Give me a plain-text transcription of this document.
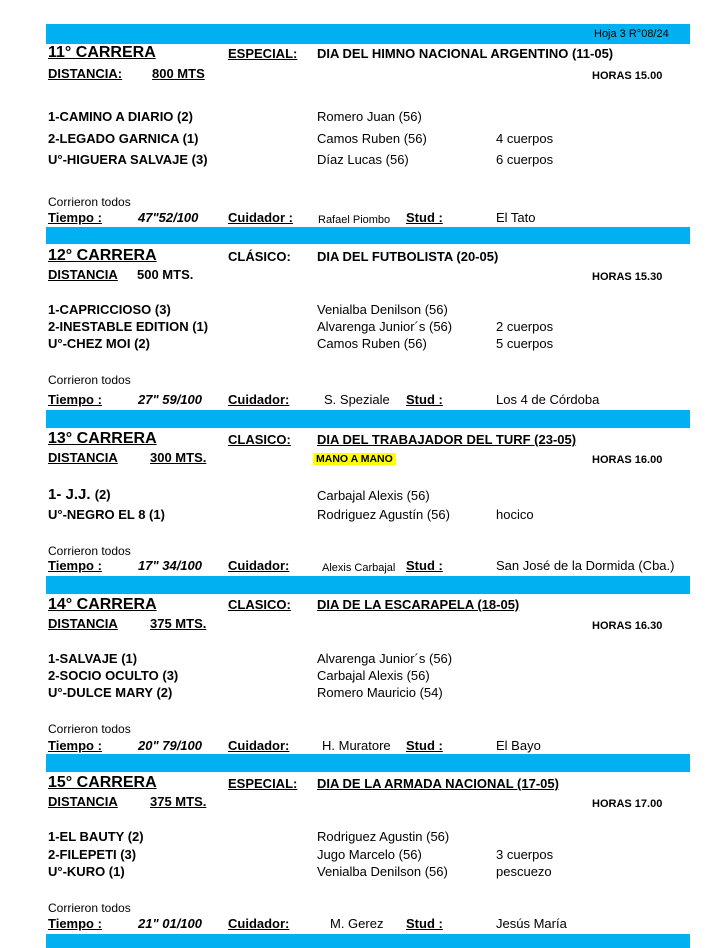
Hoja 3 R°08/24
11° CARRERA	ESPECIAL: DIA DEL HIMNO NACIONAL ARGENTINO (11-05)
DISTANCIA: 800 MTS	HORAS 15.00
1-CAMINO A DIARIO (2)	Romero Juan (56)
2-LEGADO GARNICA (1)	Camos Ruben (56)	4 cuerpos
U°-HIGUERA SALVAJE (3)	Díaz Lucas (56)	6 cuerpos
Corrieron todos
Tiempo :	47"52/100 Cuidador : Rafael Piombo Stud :	El Tato
12° CARRERA	CLÁSICO: DIA DEL FUTBOLISTA (20-05)
DISTANCIA 500 MTS.	HORAS 15.30
1-CAPRICCIOSO (3)	Venialba Denilson (56)
2-INESTABLE EDITION (1)	Alvarenga Junior´s (56)	2 cuerpos
U°-CHEZ MOI (2)	Camos Ruben (56)	5 cuerpos
Corrieron todos
Tiempo :	27" 59/100 Cuidador:	S. Speziale Stud :	Los 4 de Córdoba
13° CARRERA	CLASICO: DIA DEL TRABAJADOR DEL TURF (23-05)
DISTANCIA 300 MTS.	MANO A MANO	HORAS 16.00
1- J.J. (2)	Carbajal Alexis (56)
U°-NEGRO EL 8 (1)	Rodriguez Agustín (56)	hocico
Corrieron todos
Tiempo :	17" 34/100 Cuidador:	Alexis Carbajal Stud :	San José de la Dormida (Cba.)
14° CARRERA	CLASICO: DIA DE LA ESCARAPELA (18-05)
DISTANCIA 375 MTS.	HORAS 16.30
1-SALVAJE (1)	Alvarenga Junior´s (56)
2-SOCIO OCULTO (3)	Carbajal Alexis (56)
U°-DULCE MARY (2)	Romero Mauricio (54)
Corrieron todos
Tiempo :	20" 79/100 Cuidador:	H. Muratore Stud :	El Bayo
15° CARRERA	ESPECIAL: DIA DE LA ARMADA NACIONAL (17-05)
DISTANCIA 375 MTS.	HORAS 17.00
1-EL BAUTY (2)	Rodriguez Agustin (56)
2-FILEPETI (3)	Jugo Marcelo (56)	3 cuerpos
U°-KURO (1)	Venialba Denilson (56)	pescuezo
Corrieron todos
Tiempo :	21" 01/100 Cuidador:	M. Gerez Stud :	Jesús María
